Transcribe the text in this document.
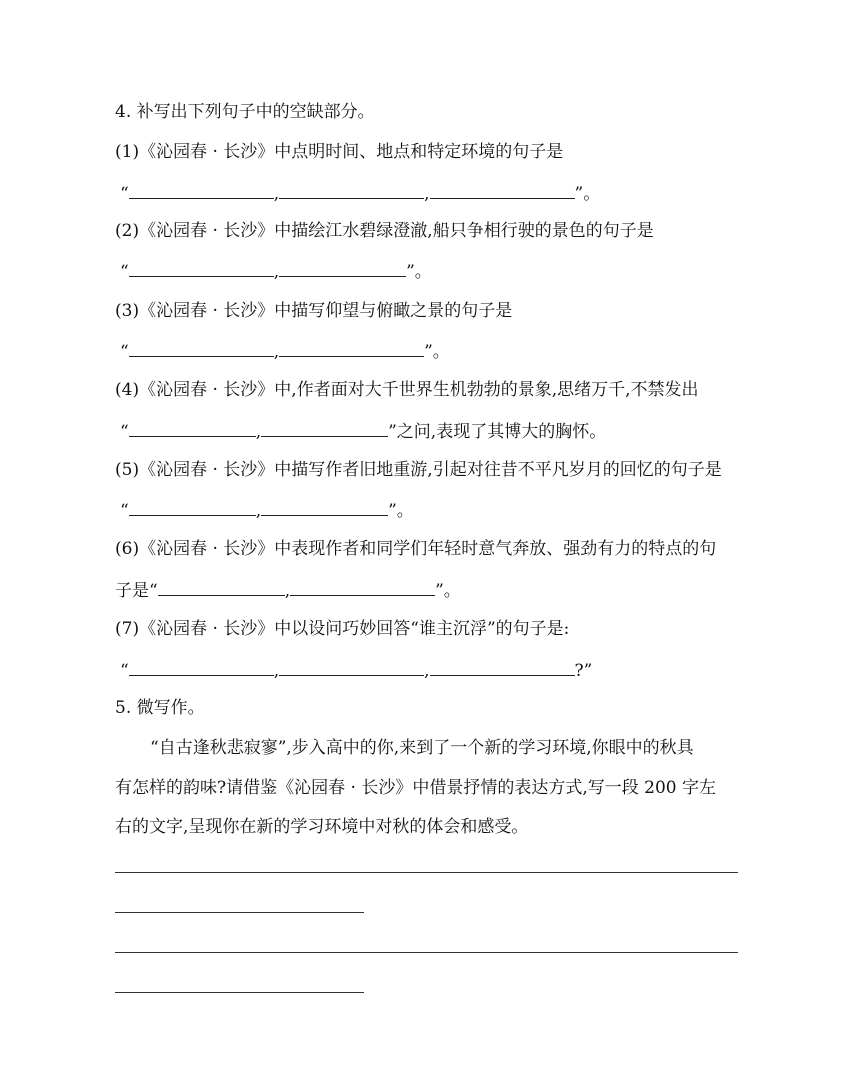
4. 补写出下列句子中的空缺部分。
(1)《沁园春 · 长沙》中点明时间、地点和特定环境的句子是
“	,	,	”。
(2)《沁园春 · 长沙》中描绘江水碧绿澄澈,船只争相行驶的景色的句子是
“	,	”。
(3)《沁园春 · 长沙》中描写仰望与俯瞰之景的句子是
“	,	”。
(4)《沁园春 · 长沙》中,作者面对大千世界生机勃勃的景象,思绪万千,不禁发出
“	,	”之问,表现了其博大的胸怀。
(5)《沁园春 · 长沙》中描写作者旧地重游,引起对往昔不平凡岁月的回忆的句子是
“	,	”。
(6)《沁园春 · 长沙》中表现作者和同学们年轻时意气奔放、强劲有力的特点的句
子是“	,	”。
(7)《沁园春 · 长沙》中以设问巧妙回答“谁主沉浮”的句子是:
“	,	,	?”
5. 微写作。
“自古逢秋悲寂寥”,步入高中的你,来到了一个新的学习环境,你眼中的秋具
有怎样的韵味?请借鉴《沁园春 · 长沙》中借景抒情的表达方式,写一段 200 字左
右的文字,呈现你在新的学习环境中对秋的体会和感受。
